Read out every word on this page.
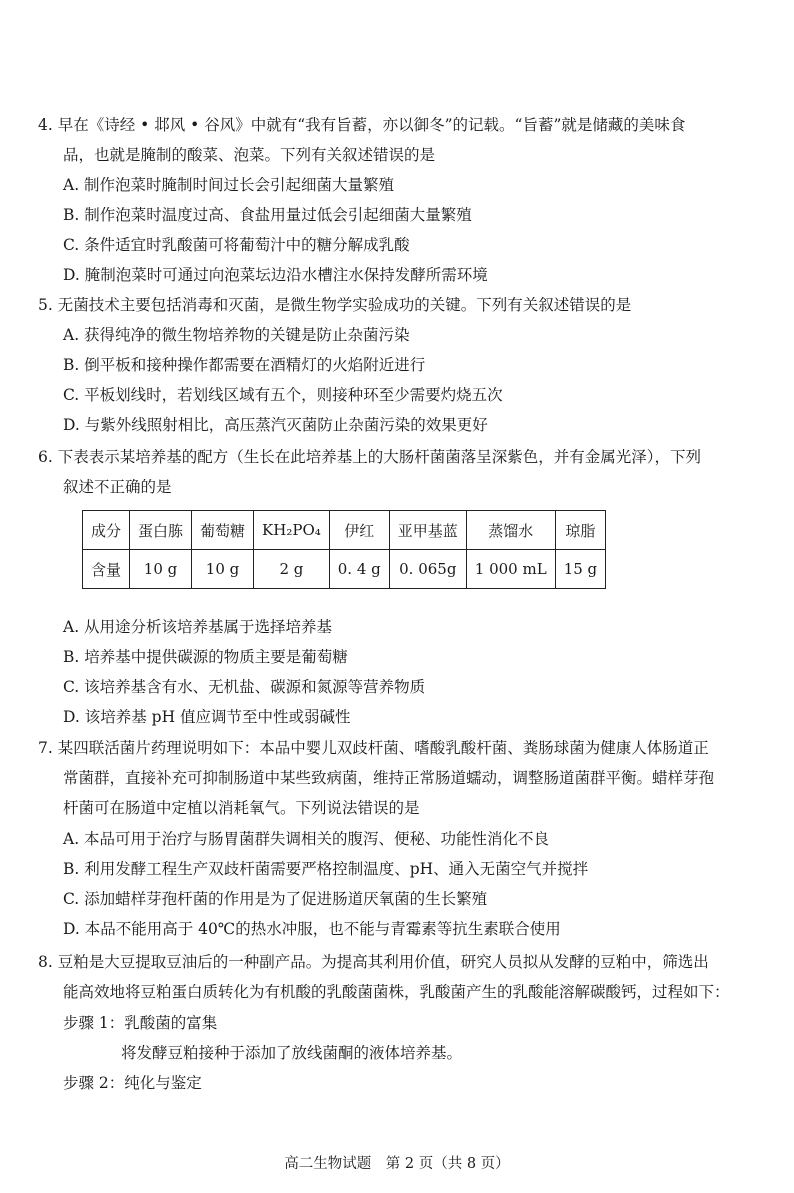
4. 早在《诗经 • 邶风 • 谷风》中就有“我有旨蓄，亦以御冬”的记载。“旨蓄”就是储藏的美味食
品，也就是腌制的酸菜、泡菜。下列有关叙述错误的是
A. 制作泡菜时腌制时间过长会引起细菌大量繁殖
B. 制作泡菜时温度过高、食盐用量过低会引起细菌大量繁殖
C. 条件适宜时乳酸菌可将葡萄汁中的糖分解成乳酸
D. 腌制泡菜时可通过向泡菜坛边沿水槽注水保持发酵所需环境
5. 无菌技术主要包括消毒和灭菌，是微生物学实验成功的关键。下列有关叙述错误的是
A. 获得纯净的微生物培养物的关键是防止杂菌污染
B. 倒平板和接种操作都需要在酒精灯的火焰附近进行
C. 平板划线时，若划线区域有五个，则接种环至少需要灼烧五次
D. 与紫外线照射相比，高压蒸汽灭菌防止杂菌污染的效果更好
6. 下表表示某培养基的配方（生长在此培养基上的大肠杆菌菌落呈深紫色，并有金属光泽），下列
叙述不正确的是
成分	蛋白胨	葡萄糖	KH₂PO₄	伊红	亚甲基蓝	蒸馏水	琼脂
含量	10 g	10 g	2 g	0. 4 g	0. 065g	1 000 mL	15 g
A. 从用途分析该培养基属于选择培养基
B. 培养基中提供碳源的物质主要是葡萄糖
C. 该培养基含有水、无机盐、碳源和氮源等营养物质
D. 该培养基 pH 值应调节至中性或弱碱性
7. 某四联活菌片药理说明如下：本品中婴儿双歧杆菌、嗜酸乳酸杆菌、粪肠球菌为健康人体肠道正
常菌群，直接补充可抑制肠道中某些致病菌，维持正常肠道蠕动，调整肠道菌群平衡。蜡样芽孢
杆菌可在肠道中定植以消耗氧气。下列说法错误的是
A. 本品可用于治疗与肠胃菌群失调相关的腹泻、便秘、功能性消化不良
B. 利用发酵工程生产双歧杆菌需要严格控制温度、pH、通入无菌空气并搅拌
C. 添加蜡样芽孢杆菌的作用是为了促进肠道厌氧菌的生长繁殖
D. 本品不能用高于 40℃的热水冲服，也不能与青霉素等抗生素联合使用
8. 豆粕是大豆提取豆油后的一种副产品。为提高其利用价值，研究人员拟从发酵的豆粕中，筛选出
能高效地将豆粕蛋白质转化为有机酸的乳酸菌菌株，乳酸菌产生的乳酸能溶解碳酸钙，过程如下：
步骤 1：乳酸菌的富集
将发酵豆粕接种于添加了放线菌酮的液体培养基。
步骤 2：纯化与鉴定
高二生物试题　第 2 页（共 8 页）
